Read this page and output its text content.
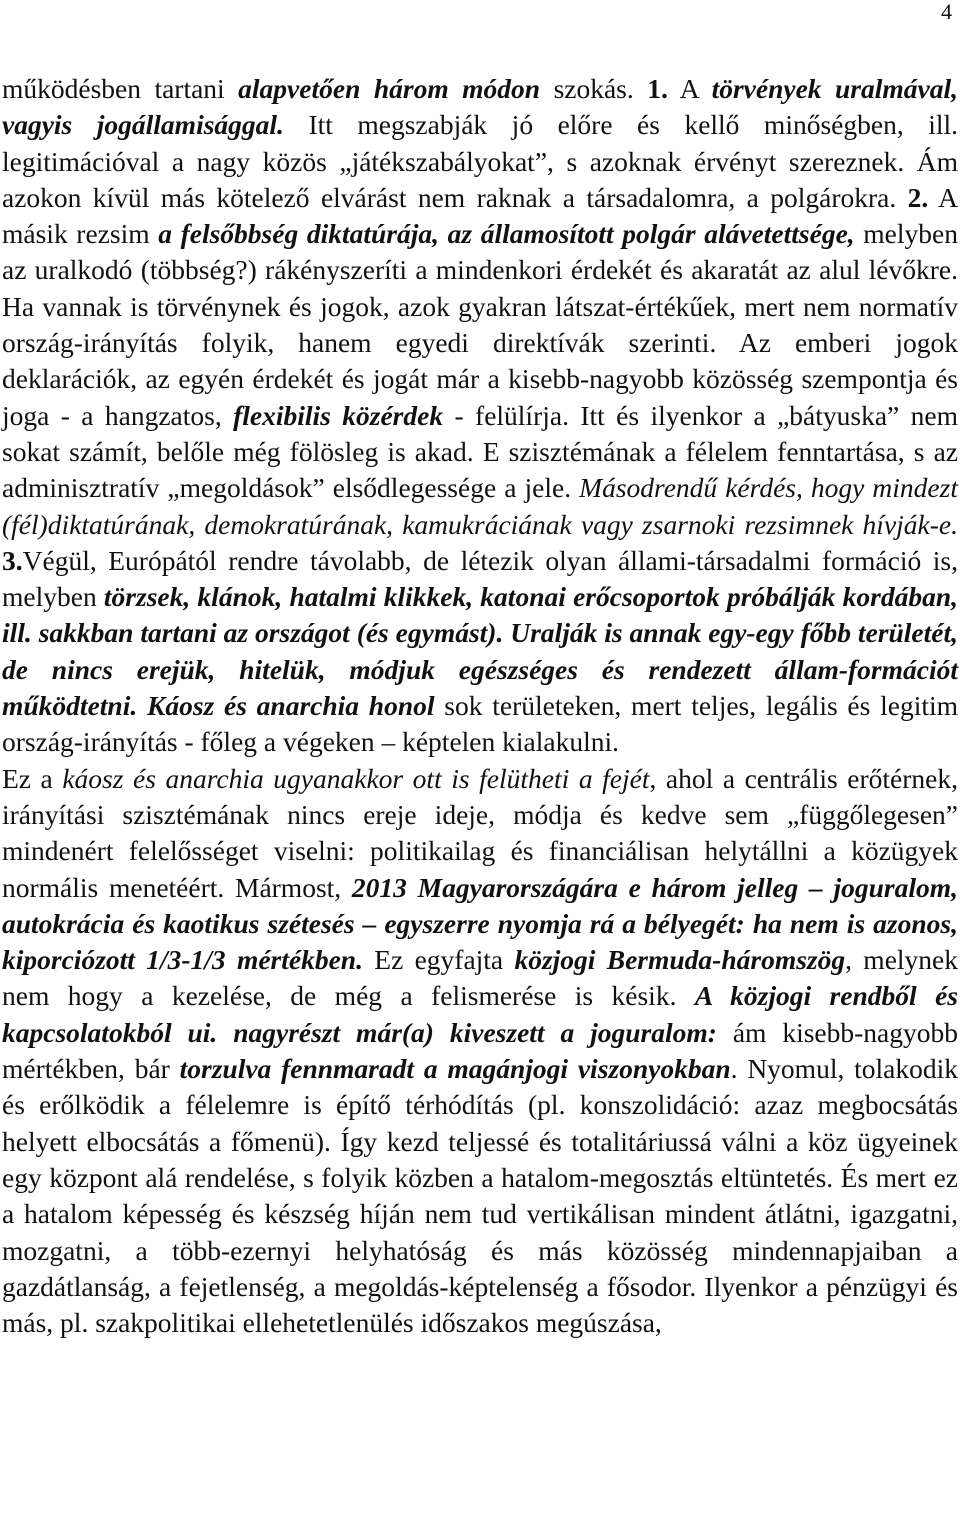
4
működésben tartani alapvetően három módon szokás. 1. A törvények uralmával, vagyis jogállamisággal. Itt megszabják jó előre és kellő minőségben, ill. legitimációval a nagy közös „játékszabályokat”, s azoknak érvényt szereznek. Ám azokon kívül más kötelező elvárást nem raknak a társadalomra, a polgárokra. 2. A másik rezsim a felsőbbség diktatúrája, az államosított polgár alávetettsége, melyben az uralkodó (többség?) rákényszeríti a mindenkori érdekét és akaratát az alul lévőkre. Ha vannak is törvénynek és jogok, azok gyakran látszat-értékűek, mert nem normatív ország-irányítás folyik, hanem egyedi direktívák szerinti. Az emberi jogok deklarációk, az egyén érdekét és jogát már a kisebb-nagyobb közösség szempontja és joga - a hangzatos, flexibilis közérdek - felülírja. Itt és ilyenkor a „bátyuska” nem sokat számít, belőle még fölösleg is akad. E szisztémának a félelem fenntartása, s az adminisztratív „megoldások” elsődlegessége a jele. Másodrendű kérdés, hogy mindezt (fél)diktatúrának, demokratúrának, kamukráciának vagy zsarnoki rezsimnek hívják-e. 3.Végül, Európától rendre távolabb, de létezik olyan állami-társadalmi formáció is, melyben törzsek, klánok, hatalmi klikkek, katonai erőcsoportok próbálják kordában, ill. sakkban tartani az országot (és egymást). Uralják is annak egy-egy főbb területét, de nincs erejük, hitelük, módjuk egészséges és rendezett állam-formációt működtetni. Káosz és anarchia honol sok területeken, mert teljes, legális és legitim ország-irányítás - főleg a végeken – képtelen kialakulni.
Ez a káosz és anarchia ugyanakkor ott is felütheti a fejét, ahol a centrális erőtérnek, irányítási szisztémának nincs ereje ideje, módja és kedve sem „függőlegesen” mindenért felelősséget viselni: politikailag és financiálisan helytállni a közügyek normális menetéért. Mármost, 2013 Magyarországára e három jelleg – joguralom, autokrácia és kaotikus szétesés – egyszerre nyomja rá a bélyegét: ha nem is azonos, kiporciózott 1/3-1/3 mértékben. Ez egyfajta közjogi Bermuda-háromszög, melynek nem hogy a kezelése, de még a felismerése is késik. A közjogi rendből és kapcsolatokból ui. nagyrészt már(a) kiveszett a joguralom: ám kisebb-nagyobb mértékben, bár torzulva fennmaradt a magánjogi viszonyokban. Nyomul, tolakodik és erőlködik a félelemre is építő térhódítás (pl. konszolidáció: azaz megbocsátás helyett elbocsátás a főmenü). Így kezd teljessé és totalitáriussá válni a köz ügyeinek egy központ alá rendelése, s folyik közben a hatalom-megosztás eltüntetés. És mert ez a hatalom képesség és készség híján nem tud vertikálisan mindent átlátni, igazgatni, mozgatni, a több-ezernyi helyhatóság és más közösség mindennapjaiban a gazdátlanság, a fejetlenség, a megoldás-képtelenség a fősodor. Ilyenkor a pénzügyi és más, pl. szakpolitikai ellehetetlenülés időszakos megúszása,
